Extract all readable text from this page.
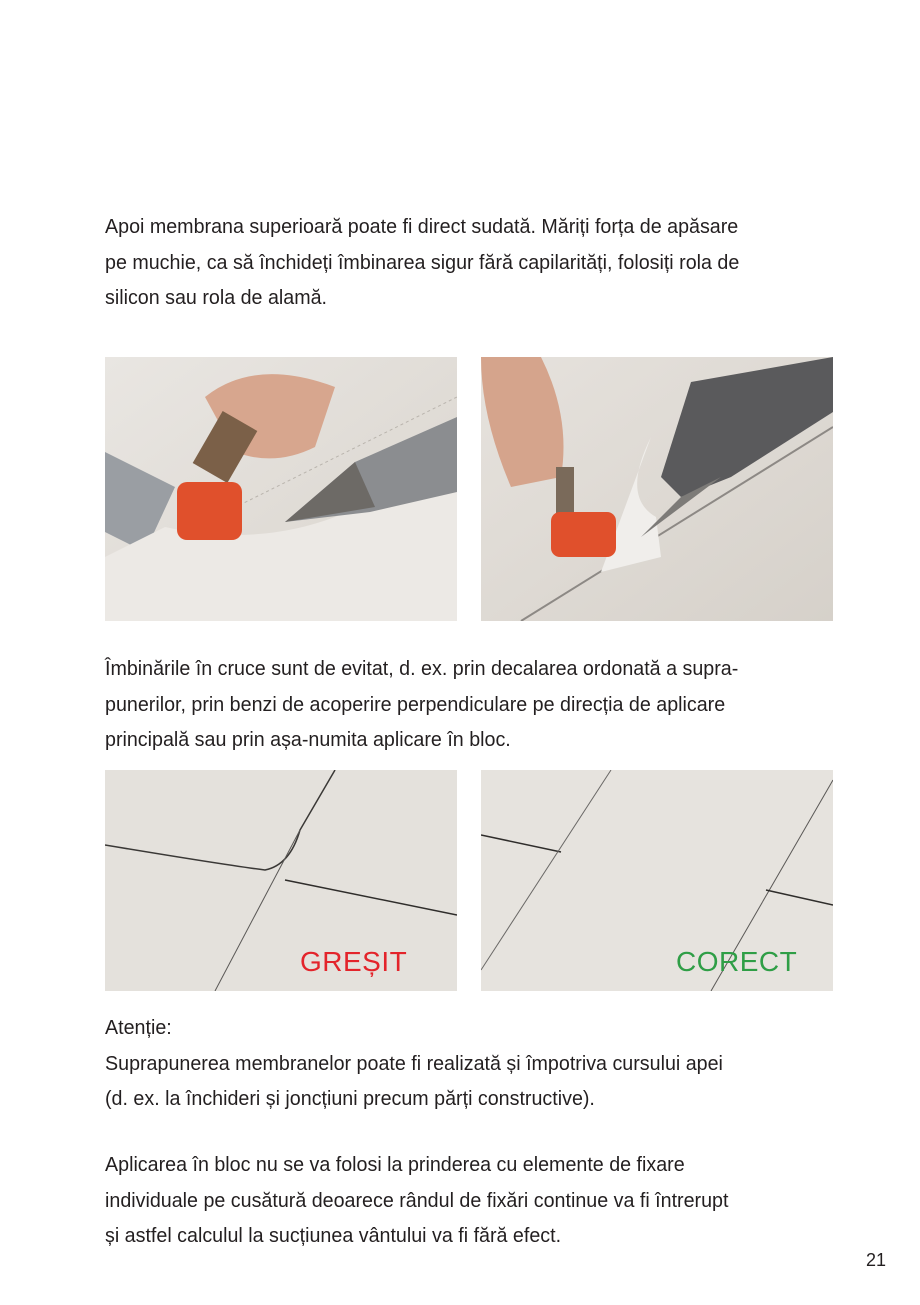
Apoi membrana superioară poate fi direct sudată. Măriți forța de apăsare
pe muchie, ca să închideți îmbinarea sigur fără capilarități, folosiți rola de
silicon sau rola de alamă.
Îmbinările în cruce sunt de evitat, d. ex. prin decalarea ordonată a supra-
punerilor, prin benzi de acoperire perpendiculare pe direcția de aplicare
principală sau prin așa-numita aplicare în bloc.
GREȘIT	CORECT
Atenție:
Suprapunerea membranelor poate fi realizată și împotriva cursului apei
(d. ex. la închideri și joncțiuni precum părți constructive).
Aplicarea în bloc nu se va folosi la prinderea cu elemente de fixare
individuale pe cusătură deoarece rândul de fixări continue va fi întrerupt
și astfel calculul la sucțiunea vântului va fi fără efect.
21
